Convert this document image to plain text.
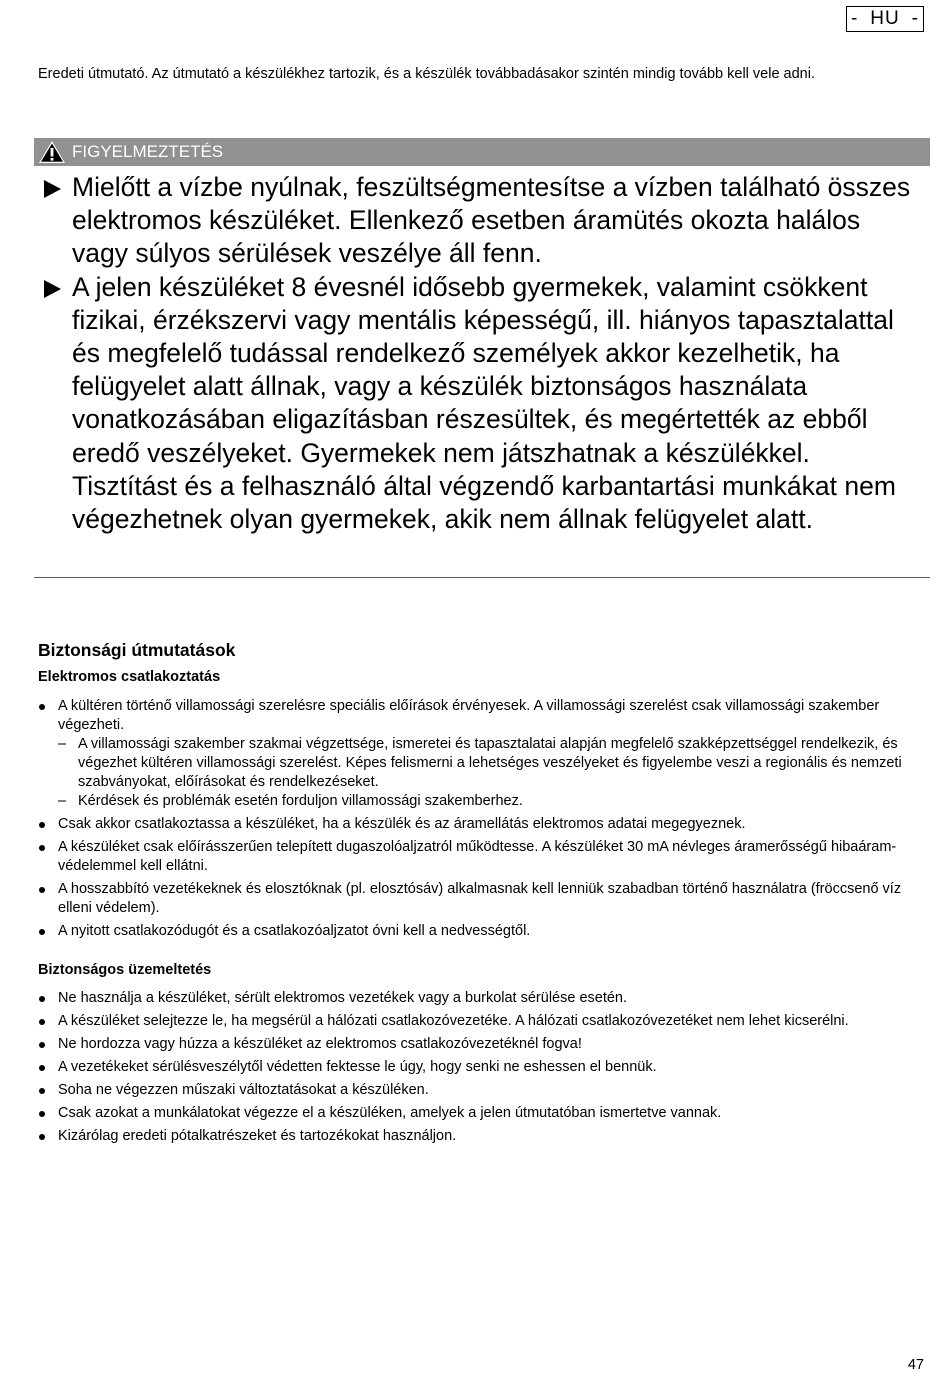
- HU -

Eredeti útmutató. Az útmutató a készülékhez tartozik, és a készülék továbbadásakor szintén mindig tovább kell vele adni.

FIGYELMEZTETÉS
Mielőtt a vízbe nyúlnak, feszültségmentesítse a vízben található összes elektromos készüléket. Ellenkező esetben áramütés okozta halálos vagy súlyos sérülések veszélye áll fenn.
A jelen készüléket 8 évesnél idősebb gyermekek, valamint csökkent fizikai, érzékszervi vagy mentális képességű, ill. hiányos tapasztalattal és megfelelő tudással rendelkező személyek akkor kezelhetik, ha felügyelet alatt állnak, vagy a készülék biztonságos használata vonatkozásában eligazításban részesültek, és megértették az ebből eredő veszélyeket. Gyermekek nem játszhatnak a készülékkel. Tisztítást és a felhasználó által végzendő karbantartási munkákat nem végezhetnek olyan gyermekek, akik nem állnak felügyelet alatt.
Biztonsági útmutatások
Elektromos csatlakoztatás
A kültéren történő villamossági szerelésre speciális előírások érvényesek. A villamossági szerelést csak villamossági szakember végezheti.
– A villamossági szakember szakmai végzettsége, ismeretei és tapasztalatai alapján megfelelő szakképzettséggel rendelkezik, és végezhet kültéren villamossági szerelést. Képes felismerni a lehetséges veszélyeket és figyelembe veszi a regionális és nemzeti szabványokat, előírásokat és rendelkezéseket.
– Kérdések és problémák esetén forduljon villamossági szakemberhez.
Csak akkor csatlakoztassa a készüléket, ha a készülék és az áramellátás elektromos adatai megegyeznek.
A készüléket csak előírásszerűen telepített dugaszolóaljzatról működtesse. A készüléket 30 mA névleges áramerősségű hibaáram-védelemmel kell ellátni.
A hosszabbító vezetékeknek és elosztóknak (pl. elosztósáv) alkalmasnak kell lenniük szabadban történő használatra (fröccsenő víz elleni védelem).
A nyitott csatlakozódugót és a csatlakozóaljzatot óvni kell a nedvességtől.
Biztonságos üzemeltetés
Ne használja a készüléket, sérült elektromos vezetékek vagy a burkolat sérülése esetén.
A készüléket selejtezze le, ha megsérül a hálózati csatlakozóvezetéke. A hálózati csatlakozóvezetéket nem lehet kicserélni.
Ne hordozza vagy húzza a készüléket az elektromos csatlakozóvezetéknél fogva!
A vezetékeket sérülésveszélytől védetten fektesse le úgy, hogy senki ne eshessen el bennük.
Soha ne végezzen műszaki változtatásokat a készüléken.
Csak azokat a munkálatokat végezze el a készüléken, amelyek a jelen útmutatóban ismertetve vannak.
Kizárólag eredeti pótalkatrészeket és tartozékokat használjon.
47
